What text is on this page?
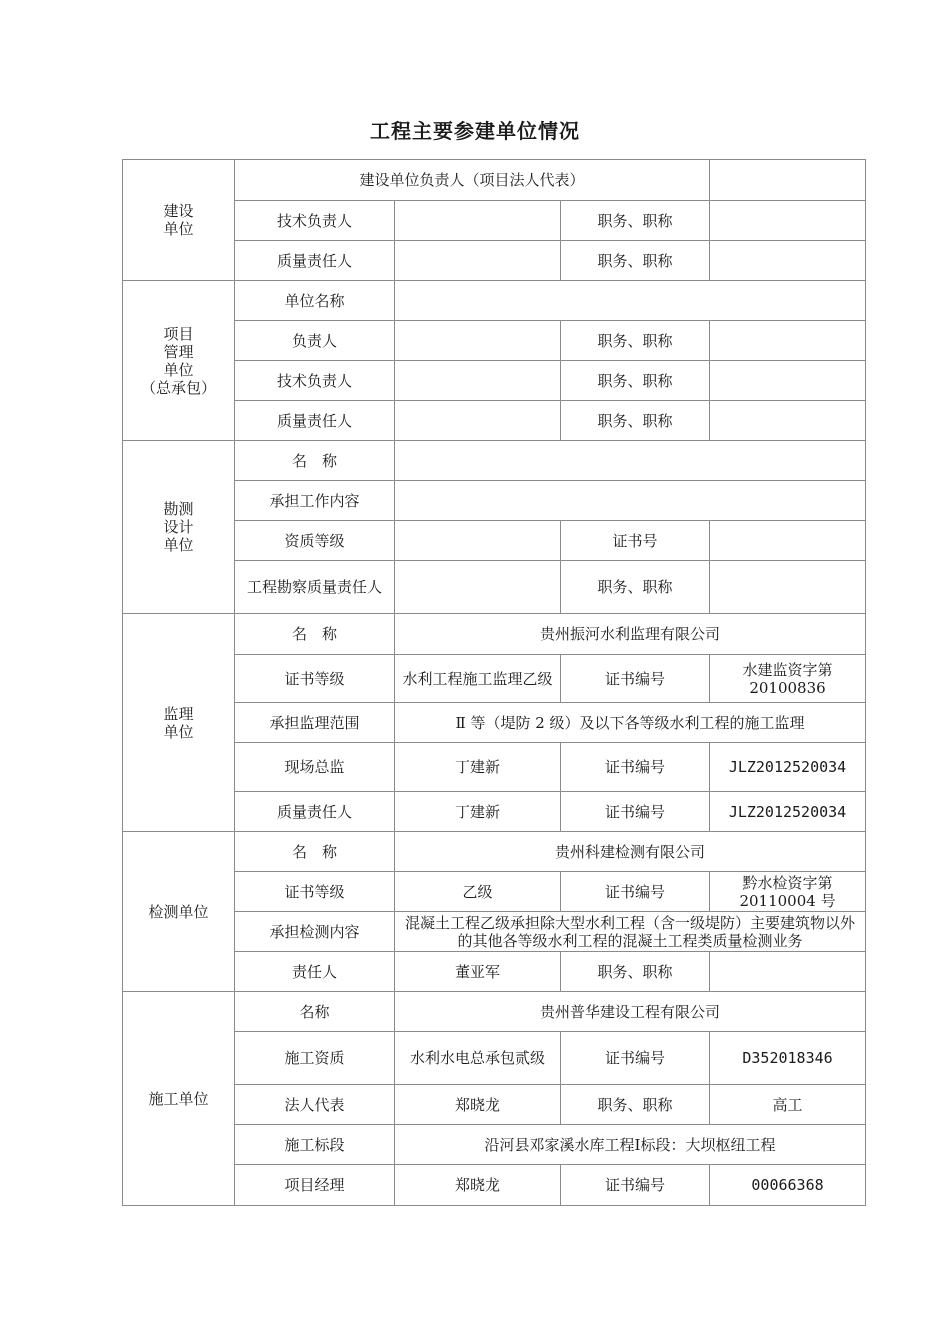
工程主要参建单位情况
建设
单位	建设单位负责人（项目法人代表）			
	技术负责人		职务、职称	
	质量责任人		职务、职称	
项目
管理
单位
（总承包）	单位名称			
	负责人		职务、职称	
	技术负责人		职务、职称	
	质量责任人		职务、职称	
勘测
设计
单位	名　称			
	承担工作内容			
	资质等级		证书号	
	工程勘察质量责任人		职务、职称	
监理
单位	名　称	贵州振河水利监理有限公司		
	证书等级	水利工程施工监理乙级	证书编号	水建监资字第20100836
	承担监理范围	Ⅱ 等（堤防 2 级）及以下各等级水利工程的施工监理		
	现场总监	丁建新	证书编号	JLZ2012520034
	质量责任人	丁建新	证书编号	JLZ2012520034
检测单位	名　称	贵州科建检测有限公司		
	证书等级	乙级	证书编号	黔水检资字第
20110004 号
	承担检测内容	混凝土工程乙级承担除大型水利工程（含一级堤防）主要建筑物以外的其他各等级水利工程的混凝土工程类质量检测业务		
	责任人	董亚军	职务、职称	
施工单位	名称	贵州普华建设工程有限公司		
	施工资质	水利水电总承包贰级	证书编号	D352018346
	法人代表	郑晓龙	职务、职称	高工
	施工标段	沿河县邓家溪水库工程Ⅰ标段：大坝枢纽工程		
	项目经理	郑晓龙	证书编号	00066368
